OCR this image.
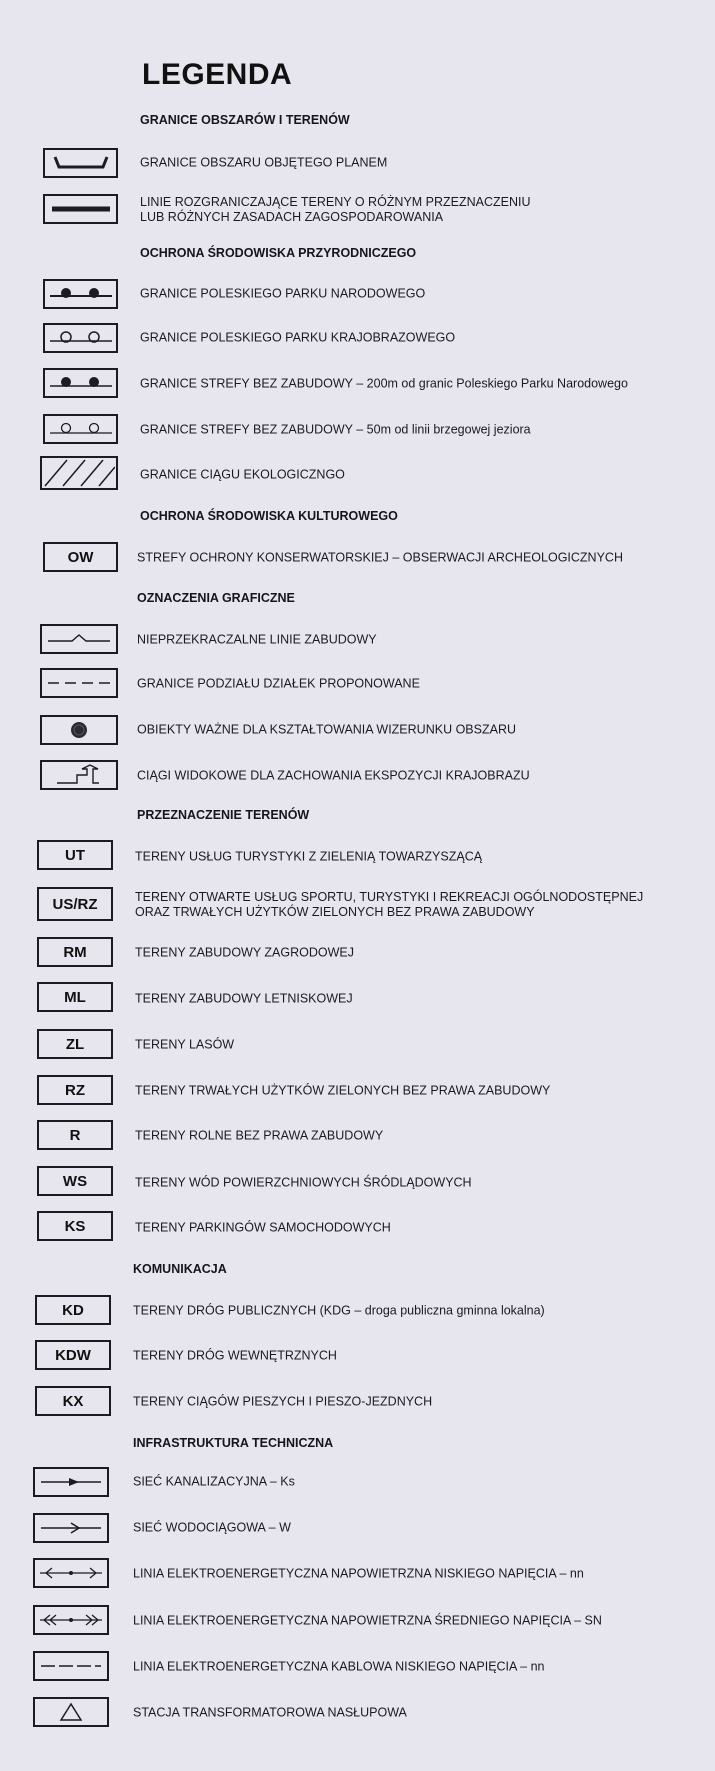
LEGENDA
GRANICE OBSZARÓW I TERENÓW
GRANICE OBSZARU OBJĘTEGO PLANEM
LINIE ROZGRANICZAJĄCE TERENY O RÓŻNYM PRZEZNACZENIU
LUB RÓŻNYCH ZASADACH ZAGOSPODAROWANIA
OCHRONA ŚRODOWISKA PRZYRODNICZEGO
GRANICE POLESKIEGO PARKU NARODOWEGO
GRANICE POLESKIEGO PARKU KRAJOBRAZOWEGO
GRANICE STREFY BEZ ZABUDOWY – 200m od granic Poleskiego Parku Narodowego
GRANICE STREFY BEZ ZABUDOWY – 50m od linii brzegowej jeziora
GRANICE CIĄGU EKOLOGICZNGO
OCHRONA ŚRODOWISKA KULTUROWEGO
OW	STREFY OCHRONY KONSERWATORSKIEJ – OBSERWACJI ARCHEOLOGICZNYCH
OZNACZENIA GRAFICZNE
NIEPRZEKRACZALNE LINIE ZABUDOWY
GRANICE PODZIAŁU DZIAŁEK PROPONOWANE
OBIEKTY WAŻNE DLA KSZTAŁTOWANIA WIZERUNKU OBSZARU
CIĄGI WIDOKOWE DLA ZACHOWANIA EKSPOZYCJI KRAJOBRAZU
PRZEZNACZENIE TERENÓW
UT	TERENY USŁUG TURYSTYKI Z ZIELENIĄ TOWARZYSZĄCĄ
US/RZ	TERENY OTWARTE USŁUG SPORTU, TURYSTYKI I REKREACJI OGÓLNODOSTĘPNEJ
ORAZ TRWAŁYCH UŻYTKÓW ZIELONYCH BEZ PRAWA ZABUDOWY
RM	TERENY ZABUDOWY ZAGRODOWEJ
ML	TERENY ZABUDOWY LETNISKOWEJ
ZL	TERENY LASÓW
RZ	TERENY TRWAŁYCH UŻYTKÓW ZIELONYCH BEZ PRAWA ZABUDOWY
R	TERENY ROLNE BEZ PRAWA ZABUDOWY
WS	TERENY WÓD POWIERZCHNIOWYCH ŚRÓDLĄDOWYCH
KS	TERENY PARKINGÓW SAMOCHODOWYCH
KOMUNIKACJA
KD	TERENY DRÓG PUBLICZNYCH (KDG – droga publiczna gminna lokalna)
KDW	TERENY DRÓG WEWNĘTRZNYCH
KX	TERENY CIĄGÓW PIESZYCH I PIESZO-JEZDNYCH
INFRASTRUKTURA TECHNICZNA
SIEĆ KANALIZACYJNA – Ks
SIEĆ WODOCIĄGOWA – W
LINIA ELEKTROENERGETYCZNA NAPOWIETRZNA NISKIEGO NAPIĘCIA – nn
LINIA ELEKTROENERGETYCZNA NAPOWIETRZNA ŚREDNIEGO NAPIĘCIA – SN
LINIA ELEKTROENERGETYCZNA KABLOWA NISKIEGO NAPIĘCIA – nn
STACJA TRANSFORMATOROWA NASŁUPOWA
